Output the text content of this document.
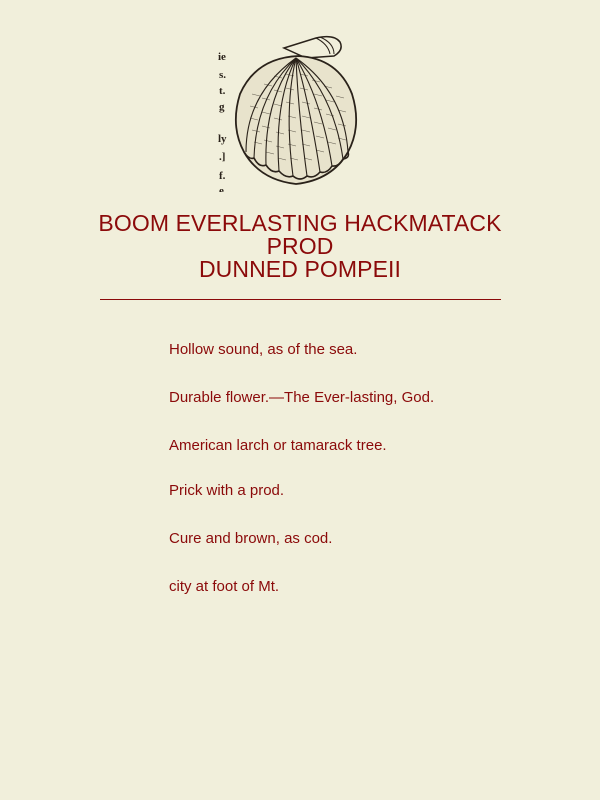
ie
s.
t.
g
ly
.]
f.
e
BOOM EVERLASTING HACKMATACK
PROD
DUNNED POMPEII
Hollow sound, as of the sea.
Durable flower.—The Ever-lasting, God.
American larch or tamarack tree.
Prick with a prod.
Cure and brown, as cod.
city at foot of Mt.
